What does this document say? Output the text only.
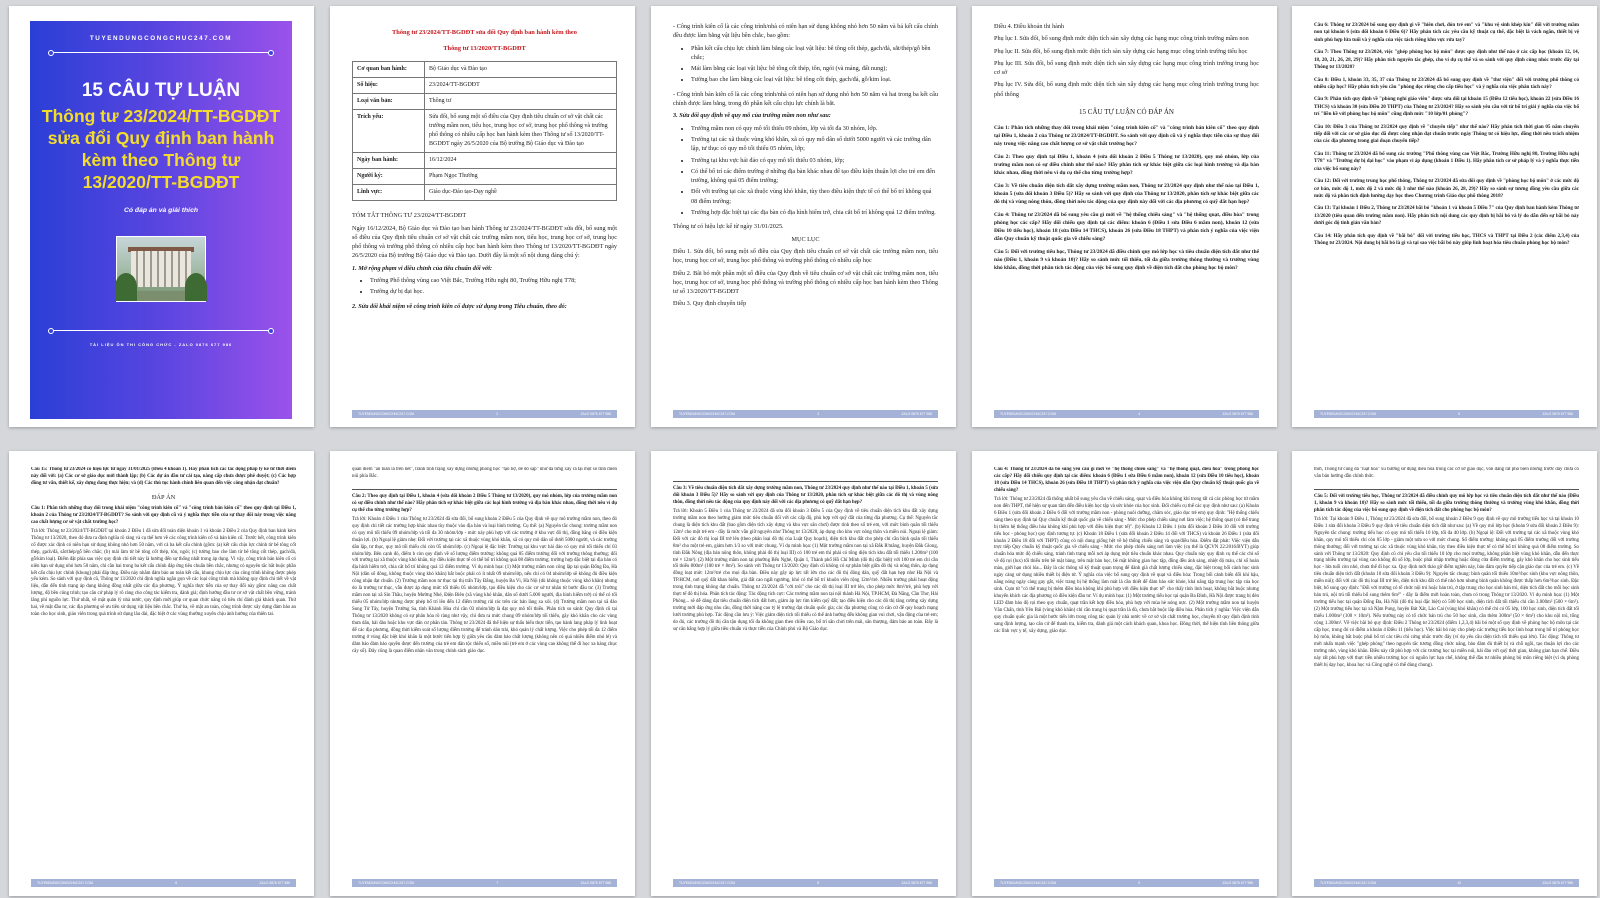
TUYENDUNGCONGCHUC247.COM
15 CÂU TỰ LUẬN
Thông tư 23/2024/TT-BGDĐT
sửa đổi Quy định ban hành
kèm theo Thông tư
13/2020/TT-BGDĐT
Có đáp án và giải thích
TÀI LIỆU ÔN THI CÔNG CHỨC - ZALO 0876 677 986
Thông tư 23/2024/TT-BGDĐT sửa đổi Quy định ban hành kèm theo
Thông tư 13/2020/TT-BGDĐT
Cơ quan ban hành:	Bộ Giáo dục và Đào tạo
Số hiệu:	23/2024/TT-BGDĐT
Loại văn bản:	Thông tư
Trích yếu:	Sửa đổi, bổ sung một số điều của Quy định tiêu chuẩn cơ sở vật chất các trường mầm non, tiểu học, trung học cơ sở, trung học phổ thông và trường phổ thông có nhiều cấp học ban hành kèm theo Thông tư số 13/2020/TT-BGDĐT ngày 26/5/2020 của Bộ trưởng Bộ Giáo dục và Đào tạo
Ngày ban hành:	16/12/2024
Người ký:	Phạm Ngọc Thưởng
Lĩnh vực:	Giáo dục-Đào tạo-Dạy nghề

TÓM TẮT THÔNG TƯ 23/2024/TT-BGDĐT

Ngày 16/12/2024, Bộ Giáo dục và Đào tạo ban hành Thông tư 23/2024/TT-BGDĐT sửa đổi, bổ sung một số điều của Quy định tiêu chuẩn cơ sở vật chất các trường mầm non, tiểu học, trung học cơ sở, trung học phổ thông và trường phổ thông có nhiều cấp học ban hành kèm theo Thông tư 13/2020/TT-BGDĐT ngày 26/5/2020 của Bộ trưởng Bộ Giáo dục và Đào tạo. Dưới đây là một số nội dung đáng chú ý:

1. Mở rộng phạm vi điều chỉnh của tiêu chuẩn đối với:

• Trường Phổ thông vùng cao Việt Bắc, Trường Hữu nghị 80, Trường Hữu nghị T78;
• Trường dự bị đại học.

2. Sửa đổi khái niệm về công trình kiên cố được sử dụng trong Tiêu chuẩn, theo đó:

TUYENDUNGCONGCHUC247.COM	2	ZALO 0876 677 986

- Công trình kiên cố là các công trình/nhà có niên hạn sử dụng không nhỏ hơn 50 năm và bả kết cấu chính đều được làm bằng vật liệu bền chắc, bao gồm:

• Phần kết cấu chịu lực chính làm bằng các loại vật liệu: bê tông cốt thép, gạch/đá, sắt/thép/gỗ bền chắc;
• Mái làm bằng các loại vật liệu: bê tông cốt thép, tôn, ngói (và mảng, đất nung);
• Tường bao che làm bằng các loại vật liệu: bê tông cốt thép, gạch/đá, gỗ/kim loại.

- Công trình bán kiên cố là các công trình/nhà có niên hạn sử dụng nhỏ hơn 50 năm và hai trong ba kết cấu chính được làm bằng, trong đó phần kết cấu chịu lực chính là bắt.

3. Sửa đổi quy định về quy mô của trường mầm non như sau:

• Trường mầm non có quy mô tối thiểu 09 nhóm, lớp và tối đa 30 nhóm, lớp.
• Trường tại các xã thuộc vùng khó khăn, xã có quy mô dân số dưới 5000 người và các trường dân lập, tư thục có quy mô tối thiểu 05 nhóm, lớp;
• Trường tại khu vực hải đảo có quy mô tối thiểu 03 nhóm, lớp;
• Có thể bố trí các điểm trường ở những địa bàn khác nhau để tạo điều kiện thuận lợi cho trẻ em đến trường, không quá 05 điểm trường;
• Đối với trường tại các xã thuộc vùng khó khăn, tùy theo điều kiện thực tế có thể bố trí không quá 08 điểm trường;
• Trường hợp đặc biệt tại các địa bàn có địa hình hiểm trở, chia cắt bố trí không quá 12 điểm trường.

Thông tư có hiệu lực kể từ ngày 31/01/2025.

MỤC LỤC

Điều 1. Sửa đổi, bổ sung một số điều của Quy định tiêu chuẩn cơ sở vật chất các trường mầm non, tiểu học, trung học cơ sở, trung học phổ thông và trường phổ thông có nhiều cấp học

Điều 2. Bãi bỏ một phần một số điều của Quy định về tiêu chuẩn cơ sở vật chất các trường mầm non, tiểu học, trung học cơ sở, trung học phổ thông và trường phổ thông có nhiều cấp học ban hành kèm theo Thông tư số 13/2020/TT-BGDĐT

Điều 3. Quy định chuyển tiếp

TUYENDUNGCONGCHUC247.COM	3	ZALO 0876 677 986

Điều 4. Điều khoản thi hành

Phụ lục I. Sửa đổi, bổ sung định mức diện tích sàn xây dựng các hạng mục công trình trường mầm non

Phụ lục II. Sửa đổi, bổ sung định mức diện tích sàn xây dựng các hạng mục công trình trường tiểu học

Phụ lục III. Sửa đổi, bổ sung định mức diện tích sàn xây dựng các hạng mục công trình trường trung học cơ sở

Phụ lục IV. Sửa đổi, bổ sung định mức diện tích sàn xây dựng các hạng mục công trình trường trung học phổ thông

15 CÂU TỰ LUẬN CÓ ĐÁP ÁN

Câu 1: Phân tích những thay đổi trong khái niệm "công trình kiên cố" và "công trình bán kiên cố" theo quy định tại Điều 1, khoản 2 của Thông tư 23/2024/TT-BGDĐT. So sánh với quy định cũ và ý nghĩa thực tiễn của sự thay đổi này trong việc nâng cao chất lượng cơ sở vật chất trường học?

Câu 2: Theo quy định tại Điều 1, khoản 4 (sửa đổi khoản 2 Điều 5 Thông tư 13/2020), quy mô nhóm, lớp của trường mầm non có sự điều chỉnh như thế nào? Hãy phân tích sự khác biệt giữa các loại hình trường và địa bàn khác nhau, đồng thời nêu ví dụ cụ thể cho từng trường hợp?

Câu 3: Về tiêu chuẩn diện tích đất xây dựng trường mầm non, Thông tư 23/2024 quy định như thế nào tại Điều 1, khoản 5 (sửa đổi khoản 3 Điều 5)? Hãy so sánh với quy định của Thông tư 13/2020, phân tích sự khác biệt giữa các đô thị và vùng nông thôn, đồng thời nêu tác động của quy định này đối với các địa phương có quỹ đất hạn hẹp?

Câu 4: Thông tư 23/2024 đã bổ sung yêu cầu gì mới về "hệ thống chiếu sáng" và "hệ thống quạt, điều hòa" trong phòng học các cấp? Hãy đối chiếu quy định tại các điểm: khoản 6 (Điều 1 sửa Điều 6 mầm non), khoản 12 (sửa Điều 10 tiểu học), khoản 18 (sửa Điều 14 THCS), khoản 26 (sửa Điều 18 THPT) và phân tích ý nghĩa của việc viện dẫn Quy chuẩn kỹ thuật quốc gia về chiếu sáng?

Câu 5: Đối với trường tiểu học, Thông tư 23/2024 đã điều chỉnh quy mô lớp học và tiêu chuẩn diện tích đất như thế nào (Điều 1, khoản 9 và khoản 10)? Hãy so sánh mức tối thiểu, tối đa giữa trường thông thường và trường vùng khó khăn, đồng thời phân tích tác động của việc bổ sung quy định về diện tích đất cho phòng học bộ môn?

TUYENDUNGCONGCHUC247.COM	4	ZALO 0876 677 986

Câu 6: Thông tư 23/2024 bổ sung quy định gì về "hiên chơi, đón trẻ em" và "khu vệ sinh khép kín" đối với trường mầm non tại khoản 6 (sửa đổi khoản 6 Điều 6)? Hãy phân tích các yêu cầu kỹ thuật cụ thể, đặc biệt là vách ngăn, thiết bị vệ sinh phù hợp lứa tuổi và ý nghĩa của việc tách riêng khu vực rửa tay?

Câu 7: Theo Thông tư 23/2024, việc "ghép phòng học bộ môn" được quy định như thế nào ở các cấp học (khoản 12, 14, 18, 20, 21, 26, 28, 29)? Hãy phân tích nguyên tắc ghép, cho ví dụ cụ thể và so sánh với quy định cùng nhóc trước đây tại Thông tư 13/2020?

Câu 8: Điều 1, khoản 33, 35, 37 của Thông tư 23/2024 đã bổ sung quy định về "thư viện" đối với trường phổ thông có nhiều cấp học? Hãy phân tích yêu cầu "phòng đọc riêng cho cấp tiểu học" và ý nghĩa của việc phân tách này?

Câu 9: Phân tích quy định về "phòng nghỉ giáo viên" được sửa đổi tại khoản 15 (Điều 12 tiểu học), khoản 22 (sửa Điều 16 THCS) và khoản 30 (sửa Điều 20 THPT) của Thông tư 23/2024? Hãy so sánh yêu cầu với từ bố trí giải ý nghĩa của việc bố trí "liền kề với phòng học bộ môn" cũng định mức "10 lớp/01 phòng"?

Câu 10: Điều 3 của Thông tư 23/2024 quy định về "chuyển tiếp" như thế nào? Hãy phân tích thời gian 05 năm chuyển tiếp đối với các cơ sở giáo dục đã được công nhận đạt chuẩn trước ngày Thông tư có hiệu lực, đồng thời nêu trách nhiệm của các địa phương trong giai đoạn chuyển tiếp?

Câu 11: Thông tư 23/2024 đã bổ sung các trường "Phổ thông vùng cao Việt Bắc, Trường Hữu nghị 80, Trường Hữu nghị T78" và "Trường dự bị đại học" vào phạm vi áp dụng (khoản 1 Điều 1). Hãy phân tích cơ sở pháp lý và ý nghĩa thực tiễn của việc bổ sung này?

Câu 12: Đối với trường trung học phổ thông, Thông tư 23/2024 đã sửa đổi quy định về "phòng học bộ môn" ở các mức độ cơ bản, mức độ 1, mức độ 2 và mức độ 3 như thế nào (khoản 26, 28, 29)? Hãy so sánh sự tương đồng yêu cầu giữa các mức độ và phân tích định hướng dạy học theo Chương trình Giáo dục phổ thông 2018?

Câu 13: Tại khoản 1 Điều 2, Thông tư 23/2024 bãi bỏ "khoản 1 và khoản 5 Điều 7" của Quy định ban hành kèm Thông tư 13/2020 (tiêu quan đến trường mầm non). Hãy phân tích nội dung các quy định bị bãi bỏ và lý do dẫn đến sự bãi bỏ này dưới góc độ tinh giản văn bản?

Câu 14: Hãy phân tích quy định về "bãi bỏ" đối với trường tiểu học, THCS và THPT tại Điều 2 (các điểm 2,3,4) của Thông tư 23/2024. Nội dung bị bãi bỏ là gì và tại sao việc bãi bỏ này giúp linh hoạt hóa tiêu chuẩn phòng học bộ môn?

TUYENDUNGCONGCHUC247.COM	5	ZALO 0876 677 986

Câu 15: Thông tư 23/2024 có hiệu lực từ ngày 31/01/2025 (Điều 4 khoản 1). Hãy phân tích các tác động pháp lý kể từ thời điểm này đối với: (a) Các cơ sở giáo dục mới thành lập; (b) Các dự án đầu tư cải tạo, nâng cấp chưa được phê duyệt; (c) Các hợp đồng tư vấn, thiết kế, xây dựng đang thực hiện; và (d) Các thủ tục hành chính liên quan đến việc công nhận đạt chuẩn?

ĐÁP ÁN

Câu 1: Phân tích những thay đổi trong khái niệm "công trình kiên cố" và "công trình bán kiên cố" theo quy định tại Điều 1, khoản 2 của Thông tư 23/2024/TT-BGDĐT? So sánh với quy định cũ và ý nghĩa thực tiễn của sự thay đổi này trong việc nâng cao chất lượng cơ sở vật chất trường học?

Trả lời: Thông tư 23/2024/TT-BGDĐT tại khoản 2 Điều 1 đã sửa đổi toàn diện khoản 1 và khoản 2 Điều 2 của Quy định ban hành kèm Thông tư 13/2020, theo đó đưa ra định nghĩa rõ ràng và cụ thể hơn về các công trình kiên cố và bán kiên cố. Trước hết, công trình kiên cố được xác định có niên hạn sử dụng không nhỏ hơn 50 năm, với cả ba kết cấu chính (gồm: (a) kết cấu chịu lực chính từ bê tông cốt thép, gạch/đá, sắt/thép/gỗ bền chắc; (b) mái làm từ bê tông cốt thép, tôn, ngói; (c) tường bao che làm từ bê tông cốt thép, gạch/đá, gỗ/kim loại). Điểm đặt phía sau việc quy định chi tiết này là hướng đến sự thống nhất trong áp dụng. Vì vậy, công trình bán kiên cố có niên hạn sử dụng nhỏ hơn 50 năm, chỉ cần hai trong ba kết cấu chính đáp ứng tiêu chuẩn bền chắc, nhưng có nguyên tắc bắt buộc phần kết cấu chịu lực chính (khung) phải đáp ứng. Điều này nhằm đảm bảo an toàn kết cấu, khung chịu lực của công trình không được phép yếu kém. So sánh với quy định cũ, Thông tư 13/2020 chỉ định nghĩa ngắn gọn về các loại công trình mà không quy định chi tiết về vật liệu, dẫn đến tình trạng áp dụng không đồng nhất giữa các địa phương. Ý nghĩa thực tiễn của sự thay đổi này gồm: nâng cao chất lượng, độ bền công trình; tạo căn cứ pháp lý rõ ràng cho công tác kiểm tra, đánh giá; định hướng đầu tư cơ sở vật chất bền vững, tránh lãng phí nguồn lực. Thứ nhất, về mặt quản lý nhà nước, quy định mới giúp cơ quan chức năng có tiêu chí đánh giá khách quan. Thứ hai, về mặt đầu tư, các địa phương sẽ ưu tiên sử dụng vật liệu bền chắc. Thứ ba, về mặt an toàn, công trình được xây dựng đảm bảo an toàn cho học sinh, giáo viên trong quá trình sử dụng lâu dài, đặc biệt ở các vùng thường xuyên chịu ảnh hưởng của thiên tai.

TUYENDUNGCONGCHUC247.COM	6	ZALO 0876 677 986

quan điểm "an toàn là trên hết", tránh tình trạng xây dựng những phòng học "tạo bợ, dễ đổ sập" như đã từng xảy ra tại một số tỉnh miền núi phía Bắc.

Câu 2: Theo quy định tại Điều 1, khoản 4 (sửa đổi khoản 2 Điều 5 Thông tư 13/2020), quy mô nhóm, lớp của trường mầm non có sự điều chỉnh như thế nào? Hãy phân tích sự khác biệt giữa các loại hình trường và địa bàn khác nhau, đồng thời nêu ví dụ cụ thể cho từng trường hợp?

Trả lời: Khoản 4 Điều 1 của Thông tư 23/2024 đã sửa đổi, bổ sung khoản 2 Điều 5 của Quy định về quy mô trường mầm non, theo đó quy định chi tiết các trường hợp khác nhau tùy thuộc vào địa bàn và loại hình trường. Cụ thể: (a) Nguyên tắc chung: trường mầm non có quy mô tối thiểu 09 nhóm/lớp và tối đa 30 nhóm/lớp - mức này phù hợp với các trường ở khu vực đô thị, đồng bằng có điều kiện thuận lợi. (b) Ngoại lệ giảm nhẹ: Đối với trường tại các xã thuộc vùng khó khăn, xã có quy mô dân số dưới 5000 người, và các trường dân lập, tư thục, quy mô tối thiểu chỉ còn 05 nhóm/lớp. (c) Ngoại lệ đặc biệt: Trường tại khu vực hải đảo có quy mô tối thiểu chỉ 03 nhóm/lớp. Bên cạnh đó, điểm b còn quy định về số lượng điểm trường: không quá 05 điểm trường đối với trường thông thường; đối với trường tại xã thuộc vùng khó khăn, tùy điều kiện thực tế có thể bố trí không quá 08 điểm trường; trường hợp đặc biệt tại địa bàn có địa hình hiểm trở, chia cắt bố trí không quá 12 điểm trường. Ví dụ minh họa: (1) Một trường mầm non công lập tại quận Đống Đa, Hà Nội (dân số đông, không thuộc vùng khó khăn) bắt buộc phải có ít nhất 09 nhóm/lớp, nếu chỉ có 04 nhóm/lớp sẽ không đủ điều kiện công nhận đạt chuẩn. (2) Trường mầm non tư thục tại thị trấn Tây Đằng, huyện Ba Vì, Hà Nội (dù không thuộc vùng khó khăn) nhưng do là trường tư thục, vẫn được áp dụng mức tối thiểu 05 nhóm/lớp, tạo điều kiện cho các cơ sở tư nhân từ bước đầu tư. (3) Trường mầm non tại xã Sìn Thầu, huyện Mường Nhé, Điện Biên (xã vùng khó khăn, dân số dưới 5.000 người, địa hình hiểm trở) có thể có tối thiểu 05 nhóm/lớp nhưng được phép bố trí lên đến 12 điểm trường rải rác trên các bản làng xa xôi. (4) Trường mầm non tại xã đảo Song Tử Tây, huyện Trường Sa, tỉnh Khánh Hòa chỉ cần 03 nhóm/lớp là đạt quy mô tối thiểu. Phân tích so sánh: Quy định cũ tại Thông tư 13/2020 không có sự phân hóa rõ ràng như vậy, chỉ đưa ra mức chung 09 nhóm/lớp tối thiểu, gây khó khăn cho các vùng thưa dân, hải đảo hoặc khu vực dân cư phân tán. Thông tư 23/2024 đã thể hiện sự thấu hiểu thực tiễn, tạo hành lang pháp lý linh hoạt để các địa phương, đồng thời kiểm soát số lượng điểm trường để tránh dàn trải, khó quản lý chất lượng. Việc cho phép tối đa 12 điểm trường ở vùng đặc biệt khó khăn là một bước tiến hợp lý giữa yêu cầu đảm bảo chất lượng (không nên có quá nhiều điểm nhỏ lẻ) và đảm bảo đảm bảo quyền được đến trường của trẻ em dân tộc thiểu số, miền núi (trẻ em ở các vùng cao không thể đi học xa hàng chục cây số). Đây cũng là quan điểm nhân văn trong chính sách giáo dục.

TUYENDUNGCONGCHUC247.COM	7	ZALO 0876 677 986

Câu 3: Về tiêu chuẩn diện tích đất xây dựng trường mầm non, Thông tư 23/2024 quy định như thế nào tại Điều 1, khoản 5 (sửa đổi khoản 3 Điều 5)? Hãy so sánh với quy định của Thông tư 13/2020, phân tích sự khác biệt giữa các đô thị và vùng nông thôn, đồng thời nêu tác động của quy định này đối với các địa phương có quỹ đất hạn hẹp?

Trả lời: Khoản 5 Điều 1 của Thông tư 23/2024 đã sửa đổi khoản 3 Điều 5 của Quy định về tiêu chuẩn diện tích khu đất xây dựng trường mầm non theo hướng giảm mức tiêu chuẩn đối với các cấp độ, phù hợp với quỹ đất của từng địa phương. Cụ thể: Nguyên tắc chung là diện tích khu đất (bao gồm diện tích xây dựng và khu vực sân chơi) được tính theo số trẻ em, với mức bình quân tối thiểu 12m² cho một trẻ em - đây là mức vẫn giữ nguyên như Thông tư 13/2020, áp dụng cho khu vực nông thôn và miền núi. Ngoại lệ giảm: Đối với các đô thị loại III trở lên (theo phân loại đô thị của Luật Quy hoạch), diện tích khu đất cho phép chỉ cần bình quân tối thiểu 8m² cho một trẻ em, giảm hơn 1/3 so với mức chung. Ví dụ minh họa: (1) Một trường mầm non tại xã Đắk R'măng, huyện Đắk Glong, tỉnh Đắk Nông (địa bàn nông thôn, không phải đô thị loại III) có 100 trẻ em thì phải có tổng diện tích khu đất tối thiểu 1.200m² (100 trẻ × 12m²). (2) Một trường mầm non tại phường Bến Nghé, Quận 1, Thành phố Hồ Chí Minh (đô thị đặc biệt) với 100 trẻ em chỉ cần tối thiểu 800m² (100 trẻ × 8m²). So sánh với Thông tư 13/2020: Quy định cũ không có sự phân biệt giữa đô thị và nông thôn, áp dụng đồng loạt mức 12m²/trẻ cho mọi địa bàn. Điều này gây áp lực rất lớn cho các đô thị đông dân, quỹ đất hạn hẹp như Hà Nội và TP.HCM, nơi quỹ đất khan hiếm, giá đất cao ngất ngưởng, khó có thể bố trí khuôn viên rộng 12m²/trẻ. Nhiều trường phải hoạt động trong tình trạng không đạt chuẩn. Thông tư 23/2024 đã "cởi trói" cho các đô thị loại III trở lên, cho phép mức 8m²/trẻ, phù hợp với thực tế đô thị hóa. Phân tích tác động: Tác động tích cực: Các trường mầm non tại nội thành Hà Nội, TP.HCM, Đà Nẵng, Cần Thơ, Hải Phòng... sẽ dễ dàng đạt tiêu chuẩn diện tích đất hơn, giảm áp lực tìm kiếm quỹ đất; tạo điều kiện cho các đô thị tăng cường xây dựng trường mới đáp ứng nhu cầu, đồng thời nâng cao tỷ lệ trường đạt chuẩn quốc gia; các địa phương cũng có căn cứ để quy hoạch mạng lưới trường phù hợp. Tác động cần lưu ý: Việc giảm diện tích tối thiểu có thể ảnh hưởng đến không gian vui chơi, vận động của trẻ em; do đó, các trường đô thị cần tận dụng tối đa không gian theo chiều cao, bố trí sân chơi trên mái, sân thượng, đảm bảo an toàn. Đây là sự cân bằng hợp lý giữa tiêu chuẩn và thực tiễn của Chính phủ và Bộ Giáo dục.

TUYENDUNGCONGCHUC247.COM	8	ZALO 0876 677 986

Câu 4: Thông tư 23/2024 đã bổ sung yêu cầu gì mới về "hệ thống chiếu sáng" và "hệ thống quạt, điều hòa" trong phòng học các cấp? Hãy đối chiếu quy định tại các điểm: khoản 6 (Điều 1 sửa Điều 6 mầm non), khoản 12 (sửa Điều 10 tiểu học), khoản 18 (sửa Điều 14 THCS), khoản 26 (sửa Điều 18 THPT) và phân tích ý nghĩa của việc viện dẫn Quy chuẩn kỹ thuật quốc gia về chiếu sáng?

Trả lời: Thông tư 23/2024 đã thống nhất bổ sung yêu cầu về chiếu sáng, quạt và điều hòa không khí trong tất cả các phòng học từ mầm non đến THPT, thể hiện sự quan tâm đến điều kiện học tập và sức khỏe của học sinh. Đối chiếu cụ thể các quy định như sau: (a) Khoản 6 Điều 1 (sửa đổi khoản 2 Điều 6 đối với trường mầm non - phòng nuôi dưỡng, chăm sóc, giáo dục trẻ em) quy định: "Hệ thống chiếu sáng theo quy định tại Quy chuẩn kỹ thuật quốc gia về chiếu sáng - Mức cho phép chiếu sáng nơi làm việc; hệ thống quạt (có thể trang bị thêm hệ thống điều hòa không khí phù hợp với điều kiện thực tế)". (b) Khoản 12 Điều 1 (sửa đổi khoản 2 Điều 10 đối với trường tiểu học - phòng học) quy định tương tự. (c) Khoản 18 Điều 1 (sửa đổi khoản 2 Điều 14 đối với THCS) và khoản 26 Điều 1 (sửa đổi khoản 2 Điều 18 đối với THPT) cũng có nội dung giống hệt về hệ thống chiếu sáng và quạt/điều hòa. Điểm đặt phát: Việc viện dẫn trực tiếp Quy chuẩn kỹ thuật quốc gia về chiếu sáng - Mức cho phép chiếu sáng nơi làm việc (cụ thể là QCVN 22:2016/BYT) giúp chuẩn hóa mức độ chiếu sáng, tránh tình trạng mỗi nơi áp dụng một tiêu chuẩn khác nhau. Quy chuẩn này quy định cụ thể các chỉ số về độ rọi (lux) tối thiểu trên bề mặt bảng, trên mặt bàn học, bề mặt không gian học tập, đồng đều ánh sáng, nhiệt độ màu, chỉ số hoàn màu, giới hạn chói lóa... Đây là các thông số kỹ thuật quan trọng để đánh giá chất lượng chiếu sáng, đặc biệt trong bối cảnh học sinh ngày càng sử dụng nhiều thiết bị điện tử. Ý nghĩa của việc bổ sung quy định về quạt và điều hòa: Trong bối cảnh biến đổi khí hậu, nắng nóng ngày càng gay gắt, việc trang bị hệ thống làm mát là cần thiết để đảm bảo sức khỏe, khả năng tập trung học tập của học sinh. Cụm từ "có thể trang bị thêm điều hòa không khí phù hợp với điều kiện thực tế" cho thấy tính linh hoạt, không bắt buộc nhưng khuyến khích các địa phương có điều kiện đầu tư. Ví dụ minh họa: (1) Một trường tiểu học tại quận Ba Đình, Hà Nội được trang bị đèn LED đảm bảo độ rọi theo quy chuẩn, quạt trần kết hợp điều hòa, phù hợp với mùa hè nóng nực. (2) Một trường mầm non tại huyện Văn Chấn, tỉnh Yên Bái (vùng khó khăn) chỉ cần trang bị quạt trần là đủ, chưa bắt buộc lắp điều hòa. Phân tích ý nghĩa: Việc viện dẫn quy chuẩn quốc gia là một bước tiến lớn trong công tác quản lý nhà nước về cơ sở vật chất trường học, chuyển từ quy định định tính sang định lượng, tạo căn cứ để thanh tra, kiểm tra, đánh giá một cách khách quan, khoa học. Đồng thời, thể hiện tính liên thông giữa các lĩnh vực y tế, xây dựng, giáo dục.

TUYENDUNGCONGCHUC247.COM	9	ZALO 0876 677 986

thời, Thông tư cũng đã "luật hóa" xu hướng sử dụng điều hòa trong các cơ sở giáo dục, vốn đang rất phổ biến nhưng trước đây chưa có văn bản hướng dẫn chính thức.

Câu 5: Đối với trường tiểu học, Thông tư 23/2024 đã điều chỉnh quy mô lớp học và tiêu chuẩn diện tích đất như thế nào (Điều 1, khoản 9 và khoản 10)? Hãy so sánh mức tối thiểu, tối đa giữa trường thông thường và trường vùng khó khăn, đồng thời phân tích tác động của việc bổ sung quy định về diện tích đất cho phòng học bộ môn?

Trả lời: Tại khoản 9 Điều 1, Thông tư 23/2024 đã sửa đổi, bổ sung khoản 2 Điều 9 quy định về quy mô trường tiểu học và tại khoản 10 Điều 1 sửa đổi khoản 3 Điều 9 quy định về tiêu chuẩn diện tích đất như sau: (a) Về quy mô lớp học (khoản 9 sửa đổi khoản 2 Điều 9): Nguyên tắc chung: trường tiểu học có quy mô tối thiểu 10 lớp, tối đa 40 lớp. (b) Ngoại lệ: Đối với trường tại các xã thuộc vùng khó khăn, quy mô tối thiểu chỉ còn 05 lớp - giảm một nửa so với mức chung. Số điểm trường: không quá 05 điểm trường đối với trường thông thường; đối với trường tại các xã thuộc vùng khó khăn, tùy theo điều kiện thực tế có thể bố trí không quá 08 điểm trường. So sánh với Thông tư 13/2020: Quy định cũ chỉ yêu cầu tối thiểu 10 lớp cho mọi trường, không phân biệt vùng khó khăn, dẫn đến thực trạng nhiều trường tại vùng cao không đủ số lớp, buộc phải nhập trường hoặc đóng cửa điểm trường, gây khó khăn cho học sinh tiểu học - lứa tuổi còn nhỏ, chưa thể đi học xa. Quy định mới tháo gỡ điểm nghẽn này, bảo đảm quyền tiếp cận giáo dục của trẻ em. (c) Về tiêu chuẩn diện tích đất (khoản 10 sửa đổi khoản 3 Điều 9): Nguyên tắc chung: bình quân tối thiểu 10m²/học sinh (khu vực nông thôn, miền núi); đối với các đô thị loại III trở lên, diện tích khu đất có thể nhỏ hơn nhưng bình quân không được thấp hơn 6m²/học sinh. Đặc biệt, bổ sung quy định: "Đối với trường có tổ chức nội trú hoặc bán trú, ở tập trung cho học sinh bán trú, diện tích đất cho mỗi học sinh bán trú, nội trú tối thiểu bổ sung thêm 6m²" - đây là điểm mới hoàn toàn, chưa có trong Thông tư 13/2020. Ví dụ minh họa: (1) Một trường tiểu học tại quận Đống Đa, Hà Nội (đô thị loại đặc biệt) có 500 học sinh, diện tích đất tối thiểu chỉ cần 3.000m² (500 × 6m²). (2) Một trường tiểu học tại xã Nậm Pung, huyện Bát Xát, Lào Cai (vùng khó khăn) có thể chỉ có 05 lớp, 100 học sinh, diện tích đất tối thiểu 1.000m² (100 × 10m²). Nếu trường này có tổ chức bán trú cho 50 học sinh, cần thêm 300m² (50 × 6m²) cho khu nội trú, tổng cộng 1.300m². Về việc bãi bỏ quy định: Điều 2 Thông tư 23/2024 (điểm 1,2,3,4) bãi bỏ một số quy định về phòng học bộ môn tại các cấp học, trong đó có điểm a khoản 4 Điều 11 (tiểu học). Việc bãi bỏ này cho phép các trường tiểu học linh hoạt trong bố trí phòng học bộ môn, không bắt buộc phải bố trí các tiêu chí cứng nhắc trước đây (ví dụ yêu cầu diện tích tối thiểu quá lớn). Tác động: Thông tư mới nhấn mạnh việc "ghép phòng" theo nguyên tắc tương đồng chức năng, bảo đảm đủ thiết bị và chỗ ngồi, tạo thuận lợi cho các trường nhỏ, vùng khó khăn. Điều này rất phù hợp với các trường học tại miền núi, hải đảo với quỹ thời gian, không gian hạn chế. Điều này rất phù hợp với thực tiễn nhiều trường học có nguồn lực hạn chế, không thể đầu tư nhiều phòng bộ môn riêng biệt (ví dụ phòng thiết bị dạy học, khoa học và Công nghệ có thể dùng chung).

TUYENDUNGCONGCHUC247.COM	10	ZALO 0876 677 986
